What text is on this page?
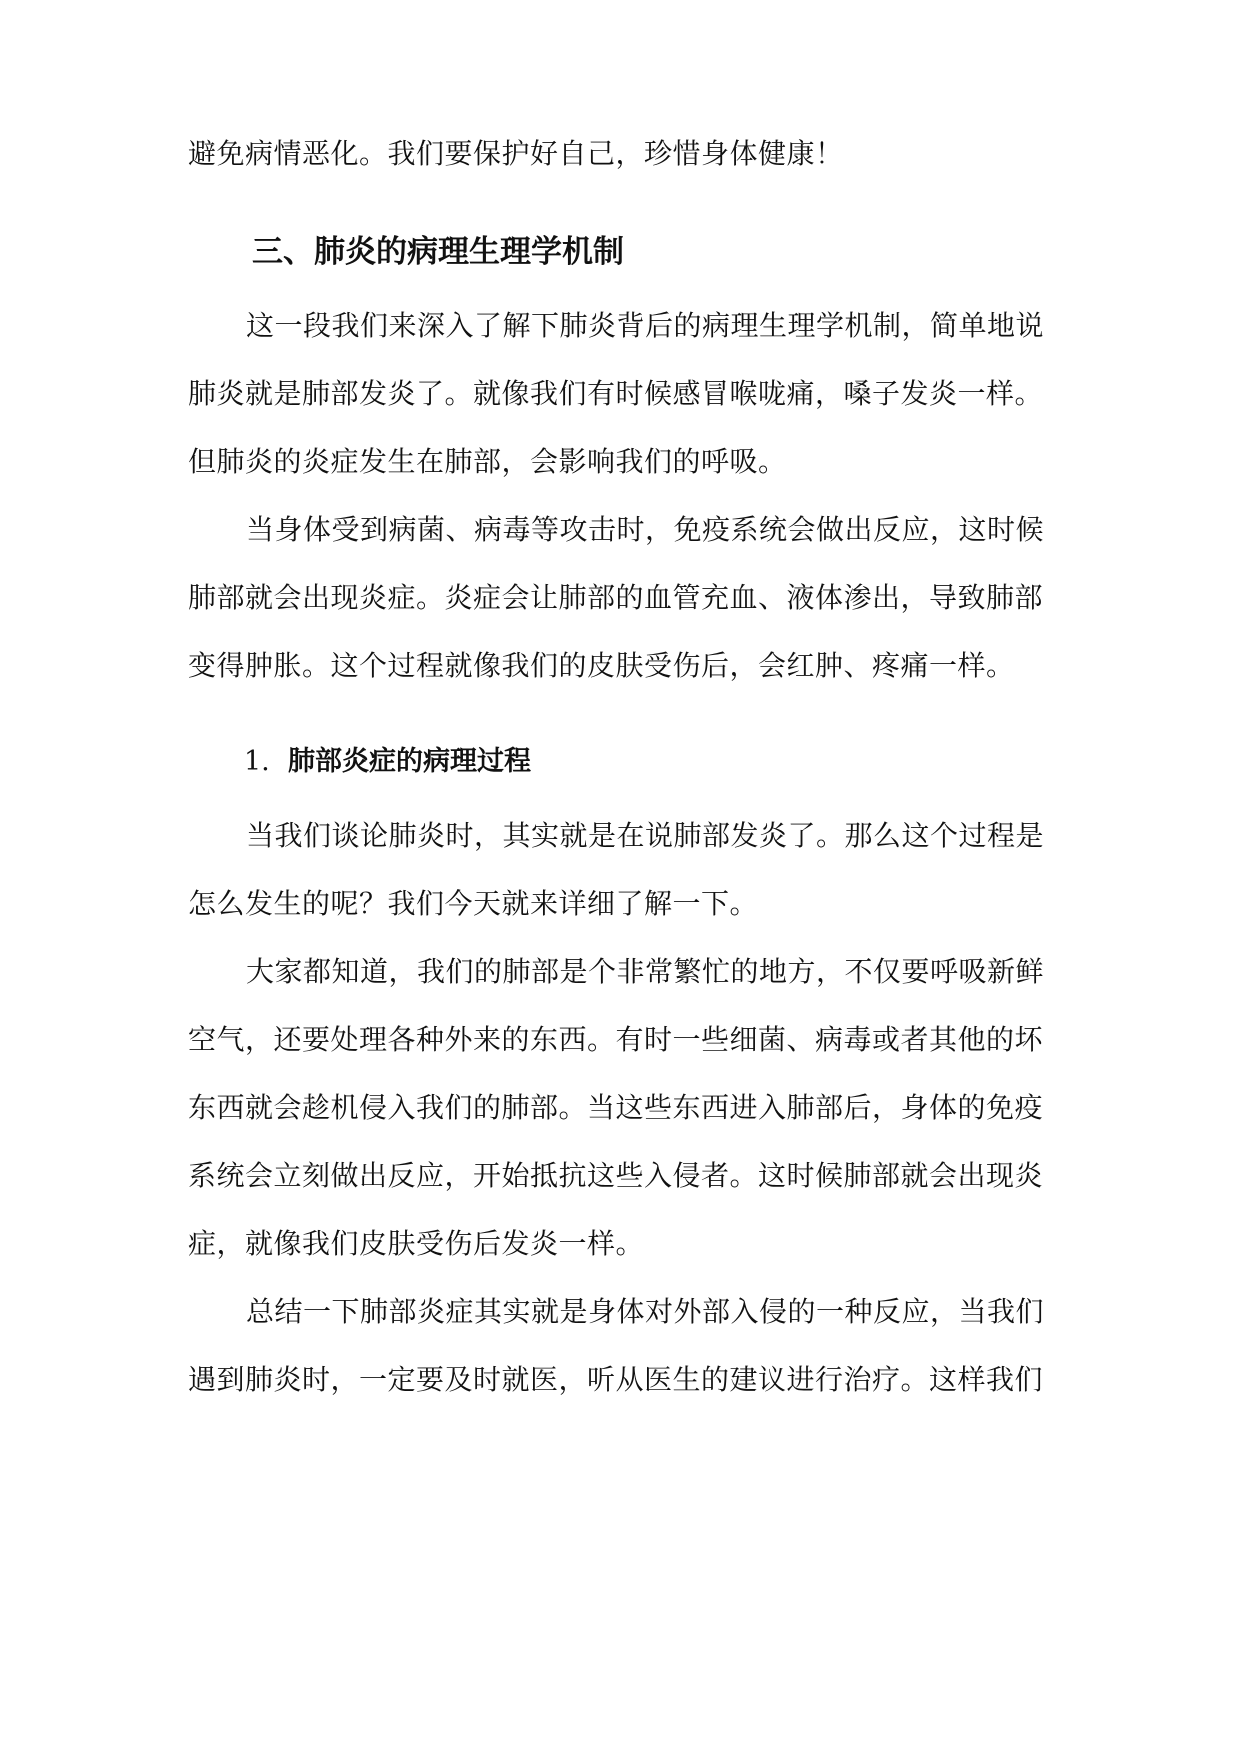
避免病情恶化。我们要保护好自己，珍惜身体健康！
三、肺炎的病理生理学机制
这一段我们来深入了解下肺炎背后的病理生理学机制，简单地说
肺炎就是肺部发炎了。就像我们有时候感冒喉咙痛，嗓子发炎一样。
但肺炎的炎症发生在肺部，会影响我们的呼吸。
当身体受到病菌、病毒等攻击时，免疫系统会做出反应，这时候
肺部就会出现炎症。炎症会让肺部的血管充血、液体渗出，导致肺部
变得肿胀。这个过程就像我们的皮肤受伤后，会红肿、疼痛一样。
1. 肺部炎症的病理过程
当我们谈论肺炎时，其实就是在说肺部发炎了。那么这个过程是
怎么发生的呢？我们今天就来详细了解一下。
大家都知道，我们的肺部是个非常繁忙的地方，不仅要呼吸新鲜
空气，还要处理各种外来的东西。有时一些细菌、病毒或者其他的坏
东西就会趁机侵入我们的肺部。当这些东西进入肺部后，身体的免疫
系统会立刻做出反应，开始抵抗这些入侵者。这时候肺部就会出现炎
症，就像我们皮肤受伤后发炎一样。
总结一下肺部炎症其实就是身体对外部入侵的一种反应，当我们
遇到肺炎时，一定要及时就医，听从医生的建议进行治疗。这样我们
